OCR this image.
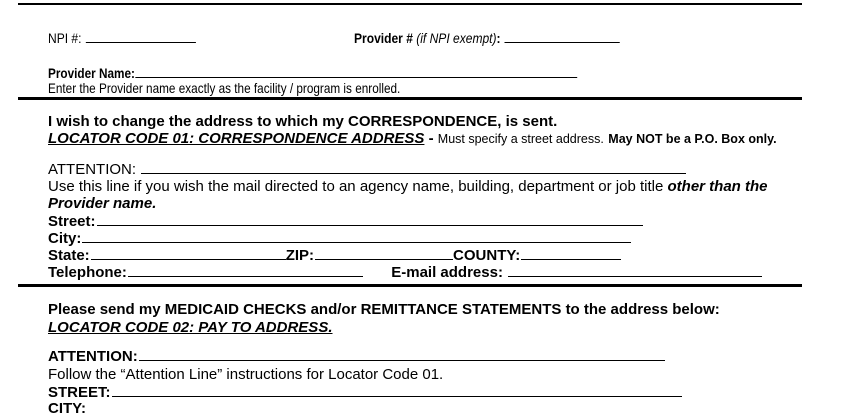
NPI #:	Provider # (if NPI exempt):
Provider Name:
Enter the Provider name exactly as the facility / program is enrolled.
I wish to change the address to which my CORRESPONDENCE, is sent.
LOCATOR CODE 01: CORRESPONDENCE ADDRESS - Must specify a street address. May NOT be a P.O. Box only.
ATTENTION:
Use this line if you wish the mail directed to an agency name, building, department or job title other than the
Provider name.
Street:
City:
State:	ZIP:	COUNTY:
Telephone:	E-mail address:
Please send my MEDICAID CHECKS and/or REMITTANCE STATEMENTS to the address below:
LOCATOR CODE 02: PAY TO ADDRESS.
ATTENTION:
Follow the “Attention Line” instructions for Locator Code 01.
STREET:
CITY:
